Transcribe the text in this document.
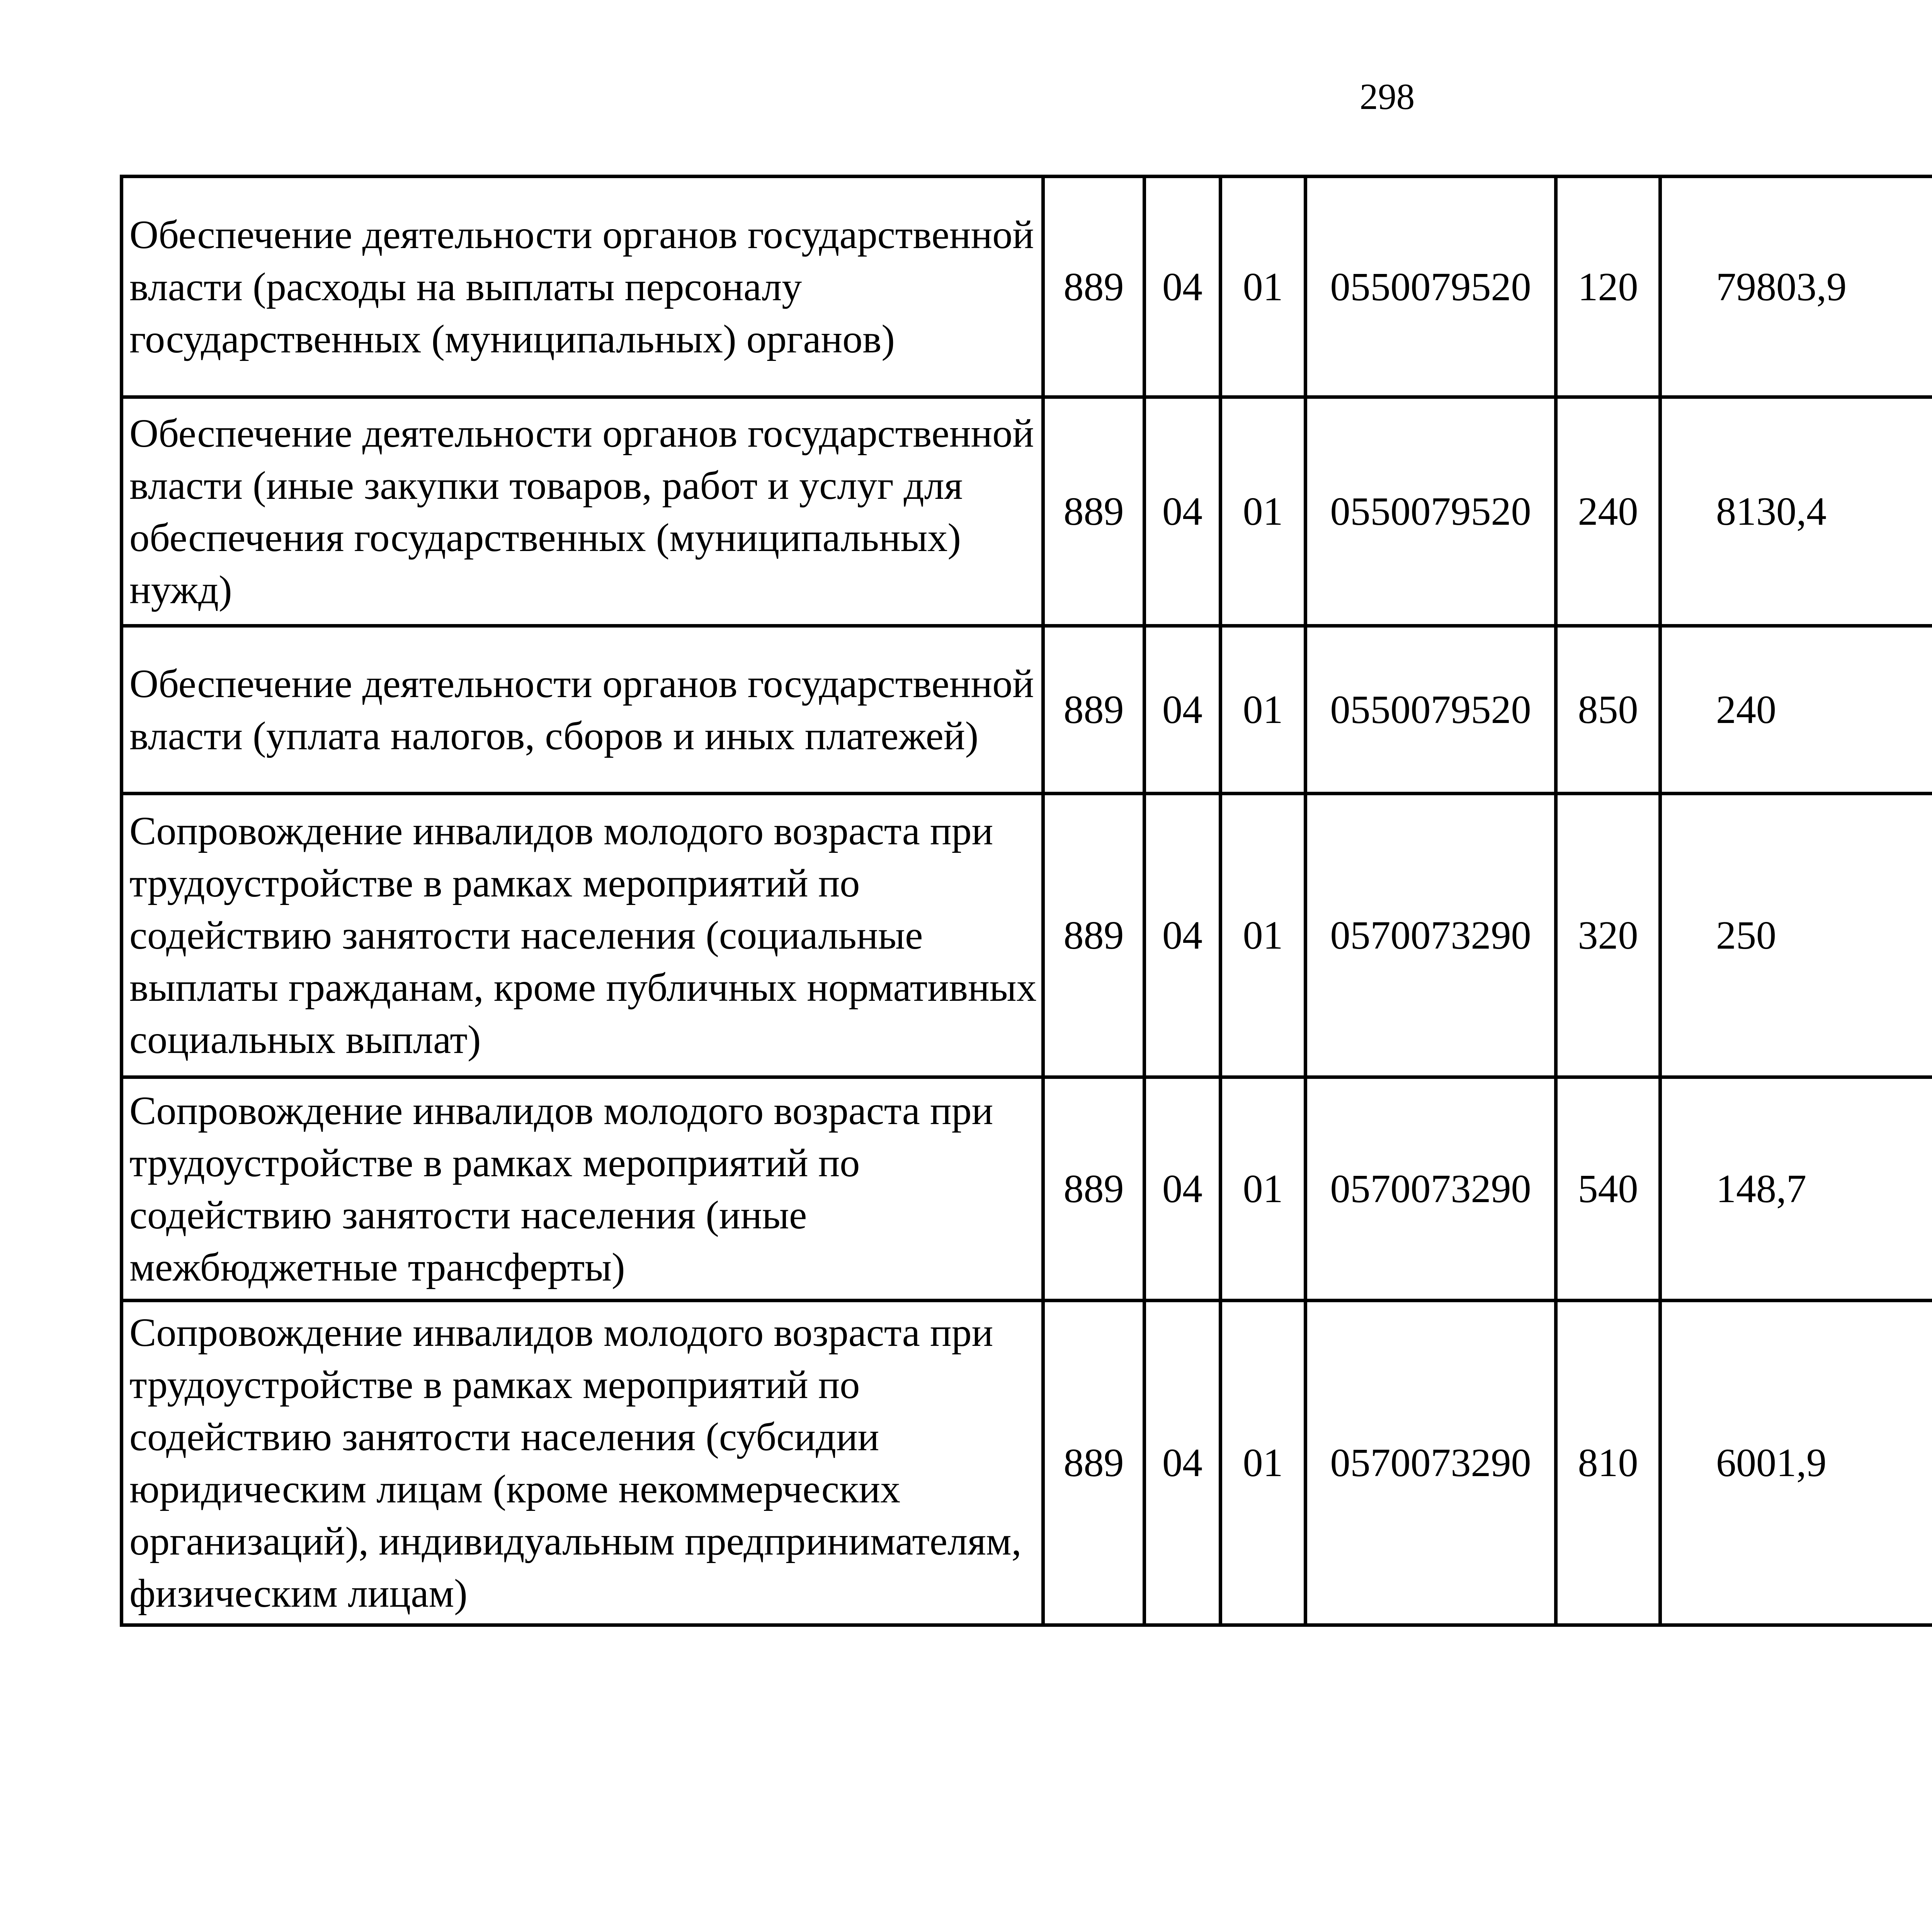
298
Обеспечение деятельности органов государственной власти (расходы на выплаты персоналу государственных (муниципальных) органов)	889	04	01	0550079520	120	79803,9		
Обеспечение деятельности органов государственной власти (иные закупки товаров, работ и услуг для обеспечения государственных (муниципальных) нужд)	889	04	01	0550079520	240	8130,4		
Обеспечение деятельности органов государственной власти (уплата налогов, сборов и иных платежей)	889	04	01	0550079520	850	240		
Сопровождение инвалидов молодого возраста при трудоустройстве в рамках мероприятий по содействию занятости населения (социальные выплаты гражданам, кроме публичных нормативных социальных выплат)	889	04	01	0570073290	320	250		
Сопровождение инвалидов молодого возраста при трудоустройстве в рамках мероприятий по содействию занятости населения (иные межбюджетные трансферты)	889	04	01	0570073290	540	148,7		
Сопровождение инвалидов молодого возраста при трудоустройстве в рамках мероприятий по содействию занятости населения (субсидии юридическим лицам (кроме некоммерческих организаций), индивидуальным предпринимателям, физическим лицам)	889	04	01	0570073290	810	6001,9		
